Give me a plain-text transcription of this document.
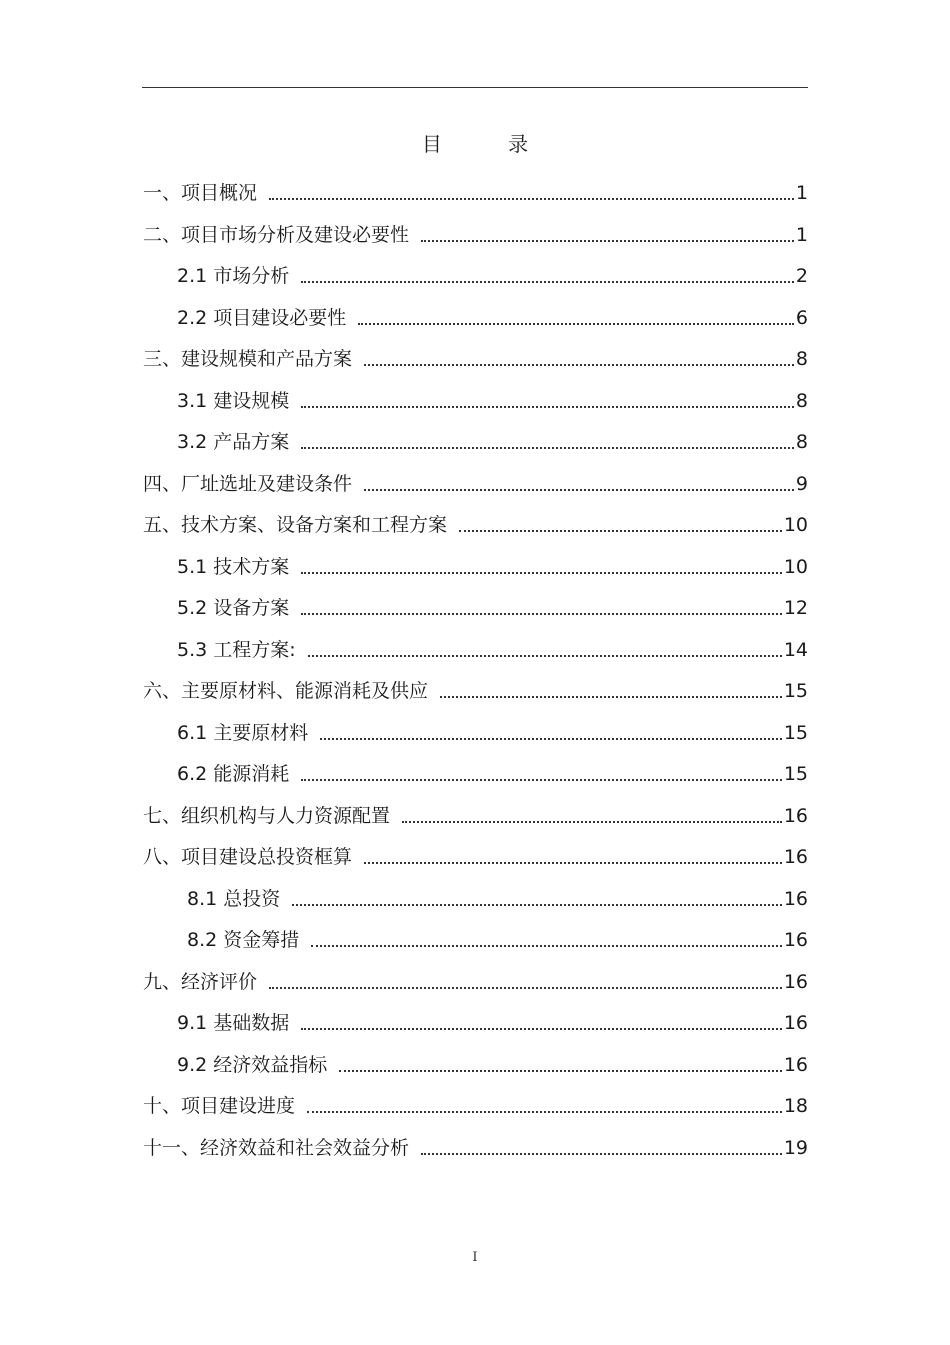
目 录
一、项目概况	1
二、项目市场分析及建设必要性	1
2.1 市场分析	2
2.2 项目建设必要性	6
三、建设规模和产品方案	8
3.1 建设规模	8
3.2 产品方案	8
四、厂址选址及建设条件	9
五、技术方案、设备方案和工程方案	10
5.1 技术方案	10
5.2 设备方案	12
5.3 工程方案:	14
六、主要原材料、能源消耗及供应	15
6.1 主要原材料	15
6.2 能源消耗	15
七、组织机构与人力资源配置	16
八、项目建设总投资框算	16
8.1 总投资	16
8.2 资金筹措	16
九、经济评价	16
9.1 基础数据	16
9.2 经济效益指标	16
十、项目建设进度	18
十一、经济效益和社会效益分析	19
I
